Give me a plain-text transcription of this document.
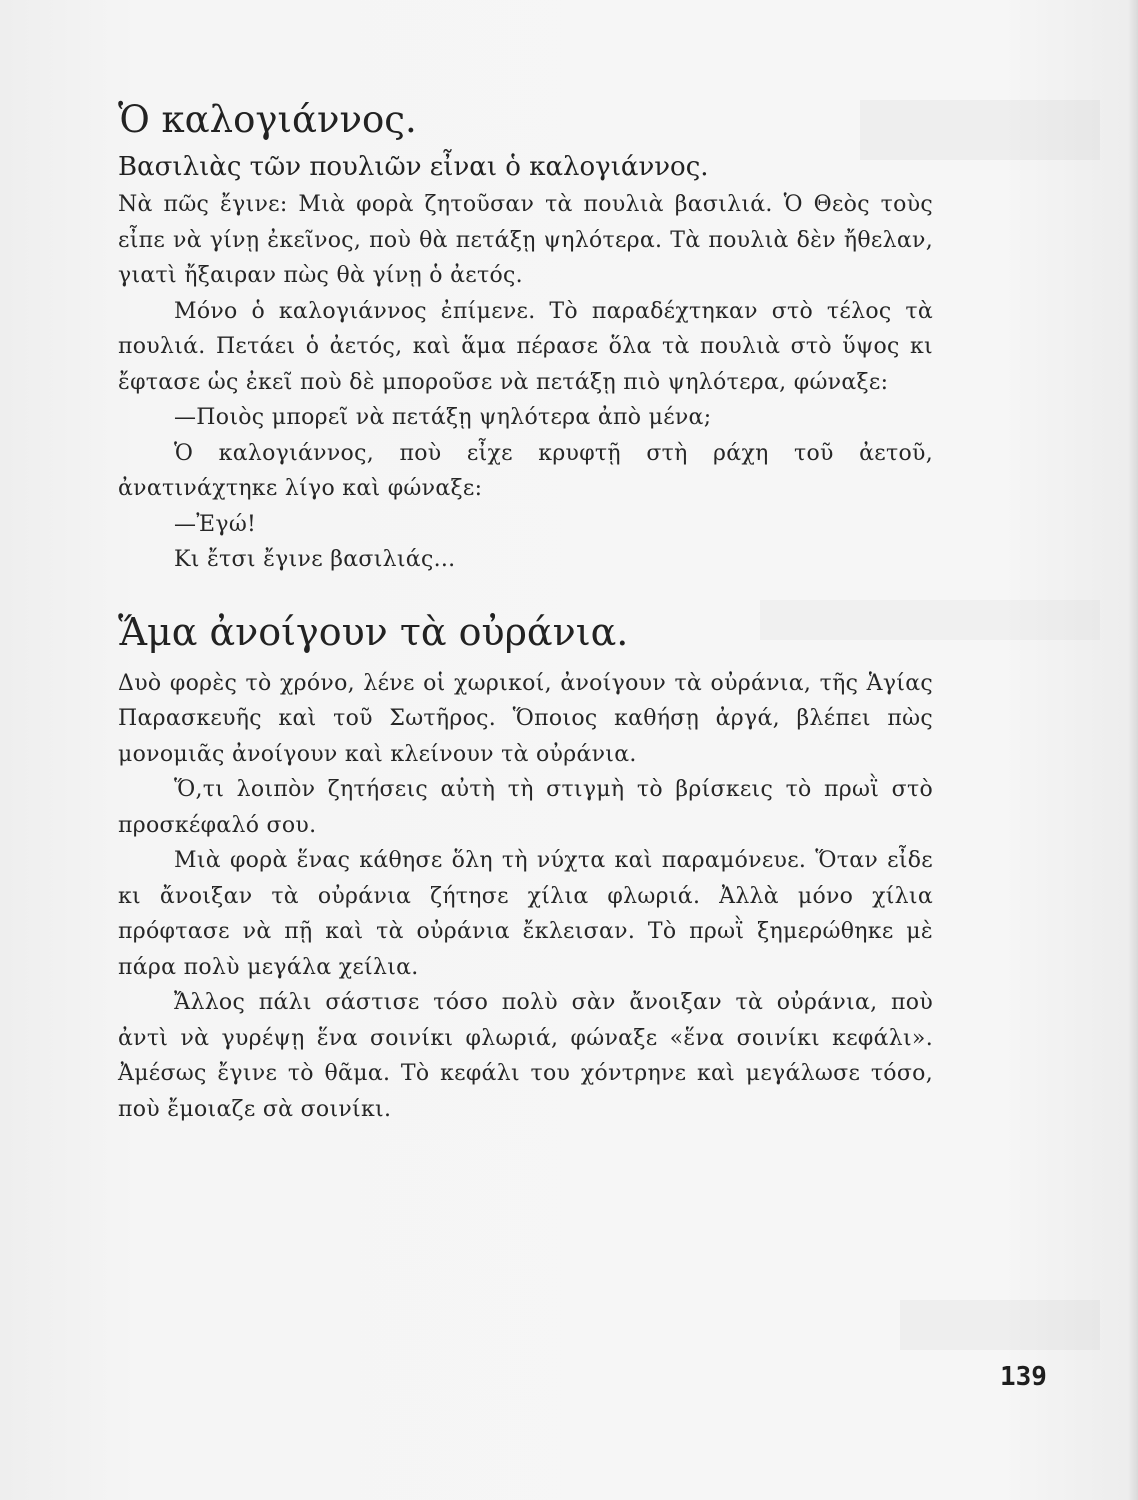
Ὁ καλογιάννος.
Βασιλιὰς τῶν πουλιῶν εἶναι ὁ καλογιάννος.

Νὰ πῶς ἔγινε: Μιὰ φορὰ ζητοῦσαν τὰ πουλιὰ βασιλιά. Ὁ Θεὸς τοὺς εἶπε νὰ γίνῃ ἐκεῖνος, ποὺ θὰ πετάξῃ ψηλότερα. Τὰ πουλιὰ δὲν ἤθελαν, γιατὶ ἤξαιραν πὼς θὰ γίνῃ ὁ ἀετός.

Μόνο ὁ καλογιάννος ἐπίμενε. Τὸ παραδέχτηκαν στὸ τέλος τὰ πουλιά. Πετάει ὁ ἀετός, καὶ ἅμα πέρασε ὅλα τὰ πουλιὰ στὸ ὕψος κι ἔφτασε ὡς ἐκεῖ ποὺ δὲ μποροῦσε νὰ πετάξῃ πιὸ ψηλότερα, φώναξε:

—Ποιὸς μπορεῖ νὰ πετάξῃ ψηλότερα ἀπὸ μένα;

Ὁ καλογιάννος, ποὺ εἶχε κρυφτῇ στὴ ράχη τοῦ ἀετοῦ, ἀνατινάχτηκε λίγο καὶ φώναξε:

—Ἐγώ!

Κι ἔτσι ἔγινε βασιλιάς...

Ἅμα ἀνοίγουν τὰ οὐράνια.

Δυὸ φορὲς τὸ χρόνο, λένε οἱ χωρικοί, ἀνοίγουν τὰ οὐράνια, τῆς Ἁγίας Παρασκευῆς καὶ τοῦ Σωτῆρος. Ὅποιος καθήσῃ ἀργά, βλέπει πὼς μονομιᾶς ἀνοίγουν καὶ κλείνουν τὰ οὐράνια.

Ὅ,τι λοιπὸν ζητήσεις αὐτὴ τὴ στιγμὴ τὸ βρίσκεις τὸ πρωῒ στὸ προσκέφαλό σου.

Μιὰ φορὰ ἕνας κάθησε ὅλη τὴ νύχτα καὶ παραμόνευε. Ὅταν εἶδε κι ἄνοιξαν τὰ οὐράνια ζήτησε χίλια φλωριά. Ἀλλὰ μόνο χίλια πρόφτασε νὰ πῇ καὶ τὰ οὐράνια ἔκλεισαν. Τὸ πρωῒ ξημερώθηκε μὲ πάρα πολὺ μεγάλα χείλια.

Ἄλλος πάλι σάστισε τόσο πολὺ σὰν ἄνοιξαν τὰ οὐράνια, ποὺ ἀντὶ νὰ γυρέψῃ ἕνα σοινίκι φλωριά, φώναξε «ἕνα σοινίκι κεφάλι». Ἀμέσως ἔγινε τὸ θᾶμα. Τὸ κεφάλι του χόντρηνε καὶ μεγάλωσε τόσο, ποὺ ἔμοιαζε σὰ σοινίκι.

139
